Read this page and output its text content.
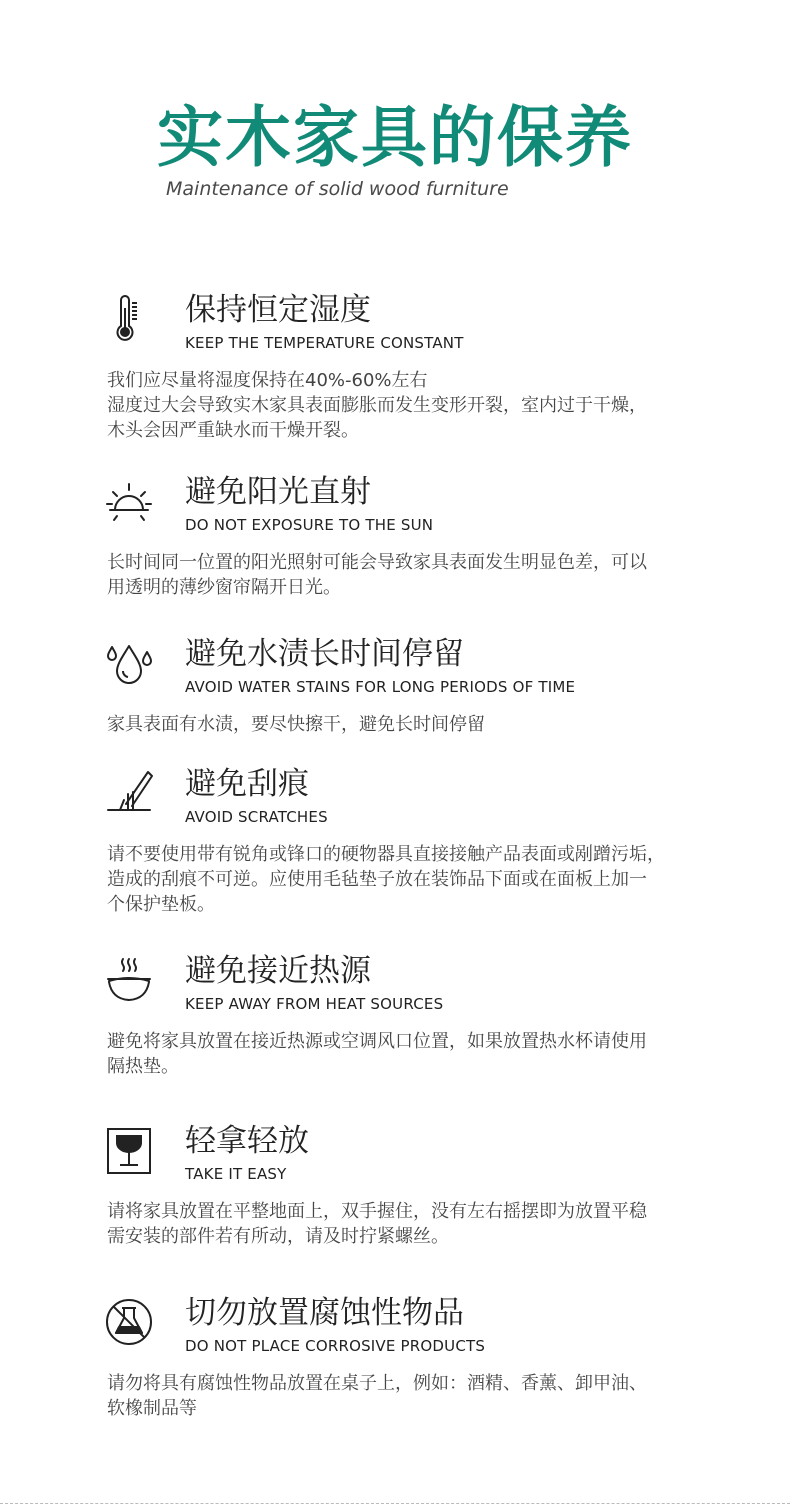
实木家具的保养
Maintenance of solid wood furniture
保持恒定湿度
KEEP THE TEMPERATURE CONSTANT

我们应尽量将湿度保持在40%-60%左右

湿度过大会导致实木家具表面膨胀而发生变形开裂，室内过于干燥，

木头会因严重缺水而干燥开裂。

避免阳光直射
DO NOT EXPOSURE TO THE SUN

长时间同一位置的阳光照射可能会导致家具表面发生明显色差，可以

用透明的薄纱窗帘隔开日光。

避免水渍长时间停留
AVOID WATER STAINS FOR LONG PERIODS OF TIME

家具表面有水渍，要尽快擦干，避免长时间停留

避免刮痕
AVOID SCRATCHES

请不要使用带有锐角或锋口的硬物器具直接接触产品表面或剐蹭污垢，

造成的刮痕不可逆。应使用毛毡垫子放在装饰品下面或在面板上加一

个保护垫板。

避免接近热源
KEEP AWAY FROM HEAT SOURCES

避免将家具放置在接近热源或空调风口位置，如果放置热水杯请使用

隔热垫。

轻拿轻放
TAKE IT EASY

请将家具放置在平整地面上，双手握住，没有左右摇摆即为放置平稳

需安装的部件若有所动，请及时拧紧螺丝。

切勿放置腐蚀性物品
DO NOT PLACE CORROSIVE PRODUCTS

请勿将具有腐蚀性物品放置在桌子上，例如：酒精、香薰、卸甲油、

软橡制品等
